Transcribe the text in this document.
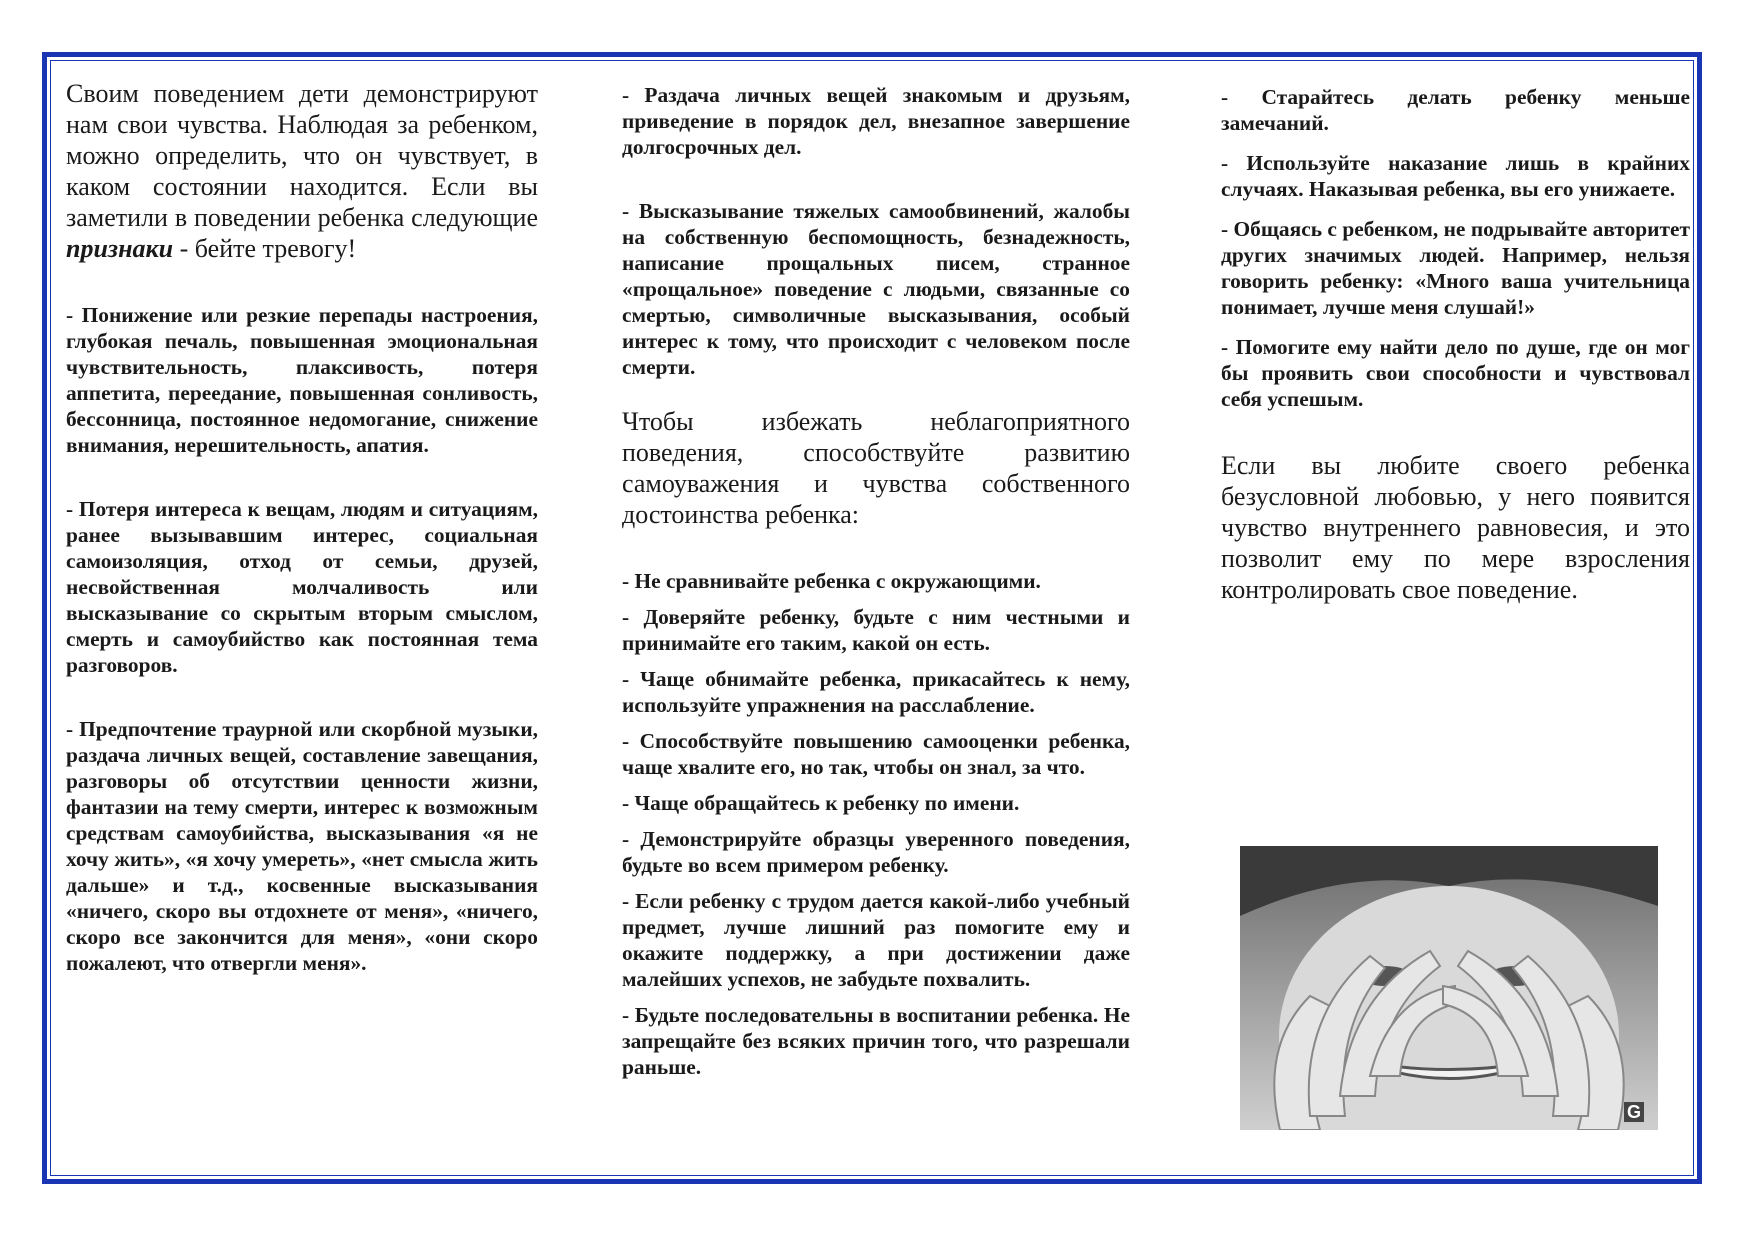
Своим поведением дети демонстрируют нам свои чувства. Наблюдая за ребенком, можно определить, что он чувствует, в каком состоянии находится. Если вы заметили в поведении ребенка следующие признаки - бейте тревогу!

- Понижение или резкие перепады настроения, глубокая печаль, повышенная эмоциональная чувствительность, плаксивость, потеря аппетита, переедание, повышенная сонливость, бессонница, постоянное недомогание, снижение внимания, нерешительность, апатия.

- Потеря интереса к вещам, людям и ситуациям, ранее вызывавшим интерес, социальная самоизоляция, отход от семьи, друзей, несвойственная молчаливость или высказывание со скрытым вторым смыслом, смерть и самоубийство как постоянная тема разговоров.

- Предпочтение траурной или скорбной музыки, раздача личных вещей, составление завещания, разговоры об отсутствии ценности жизни, фантазии на тему смерти, интерес к возможным средствам самоубийства, высказывания «я не хочу жить», «я хочу умереть», «нет смысла жить дальше» и т.д., косвенные высказывания «ничего, скоро вы отдохнете от меня», «ничего, скоро все закончится для меня», «они скоро пожалеют, что отвергли меня».

- Раздача личных вещей знакомым и друзьям, приведение в порядок дел, внезапное завершение долгосрочных дел.

- Высказывание тяжелых самообвинений, жалобы на собственную беспомощность, безнадежность, написание прощальных писем, странное «прощальное» поведение с людьми, связанные со смертью, символичные высказывания, особый интерес к тому, что происходит с человеком после смерти.

Чтобы избежать неблагоприятного поведения, способствуйте развитию самоуважения и чувства собственного достоинства ребенка:

- Не сравнивайте ребенка с окружающими.

- Доверяйте ребенку, будьте с ним честными и принимайте его таким, какой он есть.

- Чаще обнимайте ребенка, прикасайтесь к нему, используйте упражнения на расслабление.

- Способствуйте повышению самооценки ребенка, чаще хвалите его, но так, чтобы он знал, за что.

- Чаще обращайтесь к ребенку по имени.

- Демонстрируйте образцы уверенного поведения, будьте во всем примером ребенку.

- Если ребенку с трудом дается какой-либо учебный предмет, лучше лишний раз помогите ему и окажите поддержку, а при достижении даже малейших успехов, не забудьте похвалить.

- Будьте последовательны в воспитании ребенка. Не запрещайте без всяких причин того, что разрешали раньше.

- Старайтесь делать ребенку меньше замечаний.

- Используйте наказание лишь в крайних случаях. Наказывая ребенка, вы его унижаете.

- Общаясь с ребенком, не подрывайте авторитет других значимых людей. Например, нельзя говорить ребенку: «Много ваша учительница понимает, лучше меня слушай!»

- Помогите ему найти дело по душе, где он мог бы проявить свои способности и чувствовал себя успешым.

Если вы любите своего ребенка безусловной любовью, у него появится чувство внутреннего равновесия, и это позволит ему по мере взросления контролировать свое поведение.

G
